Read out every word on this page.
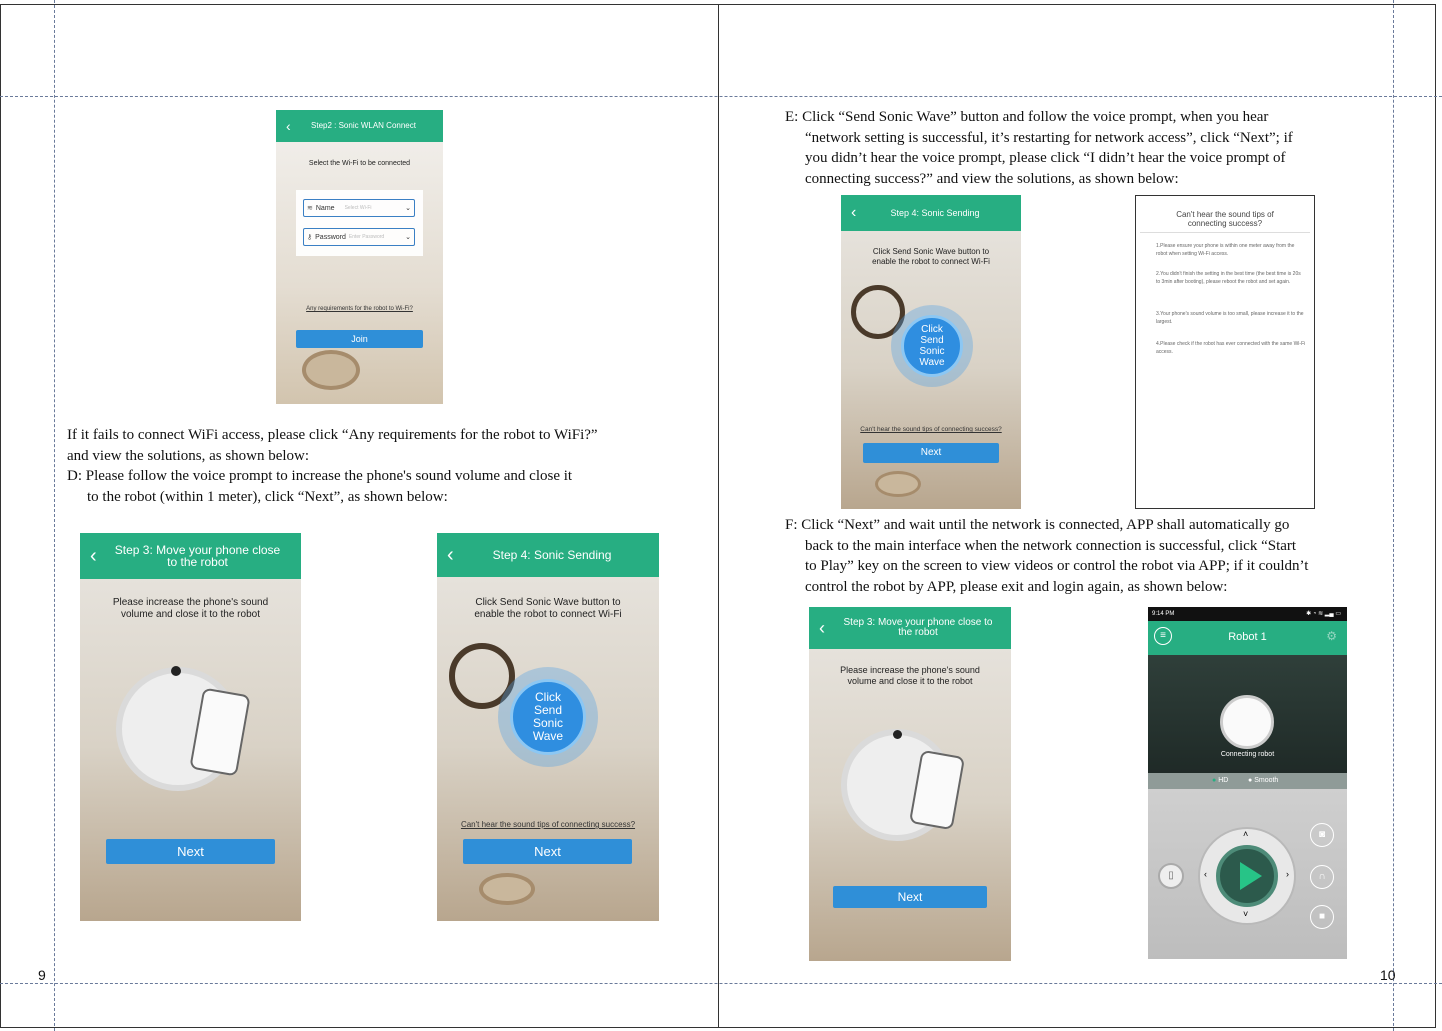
9	10
‹	Step2 : Sonic WLAN Connect
Select the Wi-Fi to be connected
≋ Name Select Wi-Fi	⌄
⚷ Password Enter Password	⌄
Any requirements for the robot to Wi-Fi?
Join
If it fails to connect WiFi access, please click “Any requirements for the robot to WiFi?”
and view the solutions, as shown below:
D: Please follow the voice prompt to increase the phone's sound volume and close it

to the robot (within 1 meter), click “Next”, as shown below:
‹	Step 3: Move your phone close to the robot
Please increase the phone's sound volume and close it to the robot
Next
‹	Step 4: Sonic Sending
Click Send Sonic Wave button to enable the robot to connect Wi-Fi
Click Send Sonic Wave
Can't hear the sound tips of connecting success?
Next
E: Click “Send Sonic Wave” button and follow the voice prompt, when you hear

“network setting is successful, it’s restarting for network access”, click “Next”; if
you didn’t hear the voice prompt, please click “I didn’t hear the voice prompt of
connecting success?” and view the solutions, as shown below:
‹	Step 4: Sonic Sending
Click Send Sonic Wave button to enable the robot to connect Wi-Fi
Click Send Sonic Wave
Can't hear the sound tips of connecting success?
Next
Can't hear the sound tips of connecting success?
1.Please ensure your phone is within one meter away from the robot when setting Wi-Fi access.
2.You didn't finish the setting in the best time (the best time is 20s to 3min after booting), please reboot the robot and set again.
3.Your phone's sound volume is too small, please increase it to the largest.
4.Please check if the robot has ever connected with the same Wi-Fi access.
F: Click “Next” and wait until the network is connected, APP shall automatically go

back to the main interface when the network connection is successful, click “Start
to Play” key on the screen to view videos or control the robot via APP; if it couldn’t
control the robot by APP, please exit and login again, as shown below:
‹	Step 3: Move your phone close to the robot
Please increase the phone's sound volume and close it to the robot
Next
9:14 PM	✱ ◔ ≋ ▂▄ ▭
≡	Robot 1	⚙
Connecting robot
● HD	● Smooth
˄
˅
‹	›
▯
◙
∩
■
